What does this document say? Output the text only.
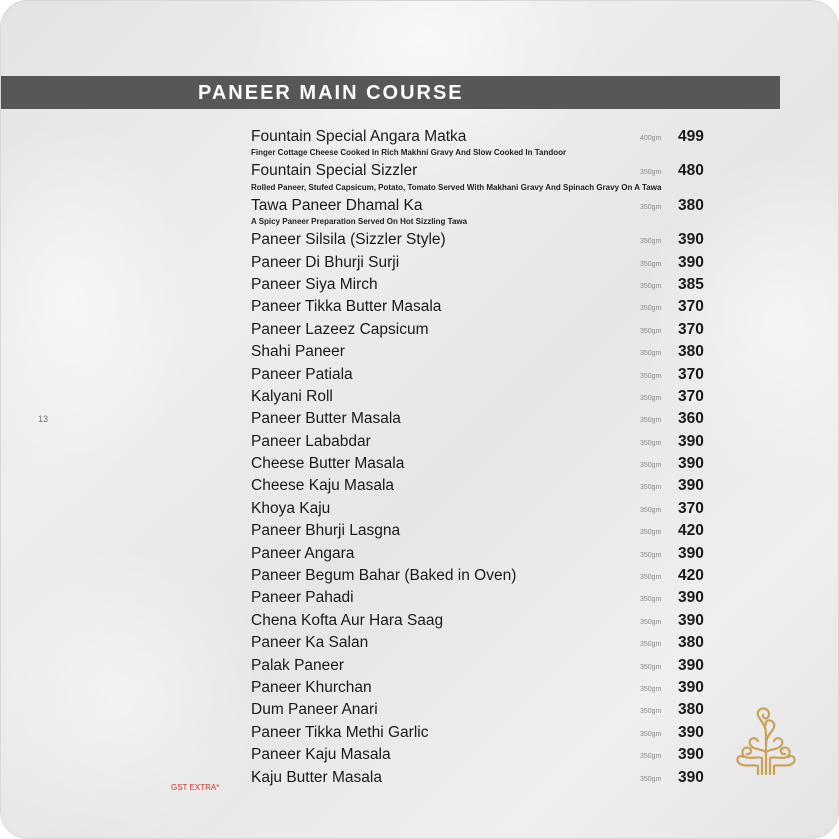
PANEER MAIN COURSE
13
Fountain Special Angara Matka	400gm 499
Finger Cottage Cheese Cooked In Rich Makhni Gravy And Slow Cooked In Tandoor
Fountain Special Sizzler	350gm 480
Rolled Paneer, Stufed Capsicum, Potato, Tomato Served With Makhani Gravy And Spinach Gravy On A Tawa
Tawa Paneer Dhamal Ka	350gm 380
A Spicy Paneer Preparation Served On Hot Sizzling Tawa
Paneer Silsila (Sizzler Style)	350gm 390
Paneer Di Bhurji Surji	350gm 390
Paneer Siya Mirch	350gm 385
Paneer Tikka Butter Masala	350gm 370
Paneer Lazeez Capsicum	350gm 370
Shahi Paneer	350gm 380
Paneer Patiala	350gm 370
Kalyani Roll	350gm 370
Paneer Butter Masala	350gm 360
Paneer Lababdar	350gm 390
Cheese Butter Masala	350gm 390
Cheese Kaju Masala	350gm 390
Khoya Kaju	350gm 370
Paneer Bhurji Lasgna	350gm 420
Paneer Angara	350gm 390
Paneer Begum Bahar (Baked in Oven)	350gm 420
Paneer Pahadi	350gm 390
Chena Kofta Aur Hara Saag	350gm 390
Paneer Ka Salan	350gm 380
Palak Paneer	350gm 390
Paneer Khurchan	350gm 390
Dum Paneer Anari	350gm 380
Paneer Tikka Methi Garlic	350gm 390
Paneer Kaju Masala	350gm 390
Kaju Butter Masala	350gm 390
GST EXTRA*
